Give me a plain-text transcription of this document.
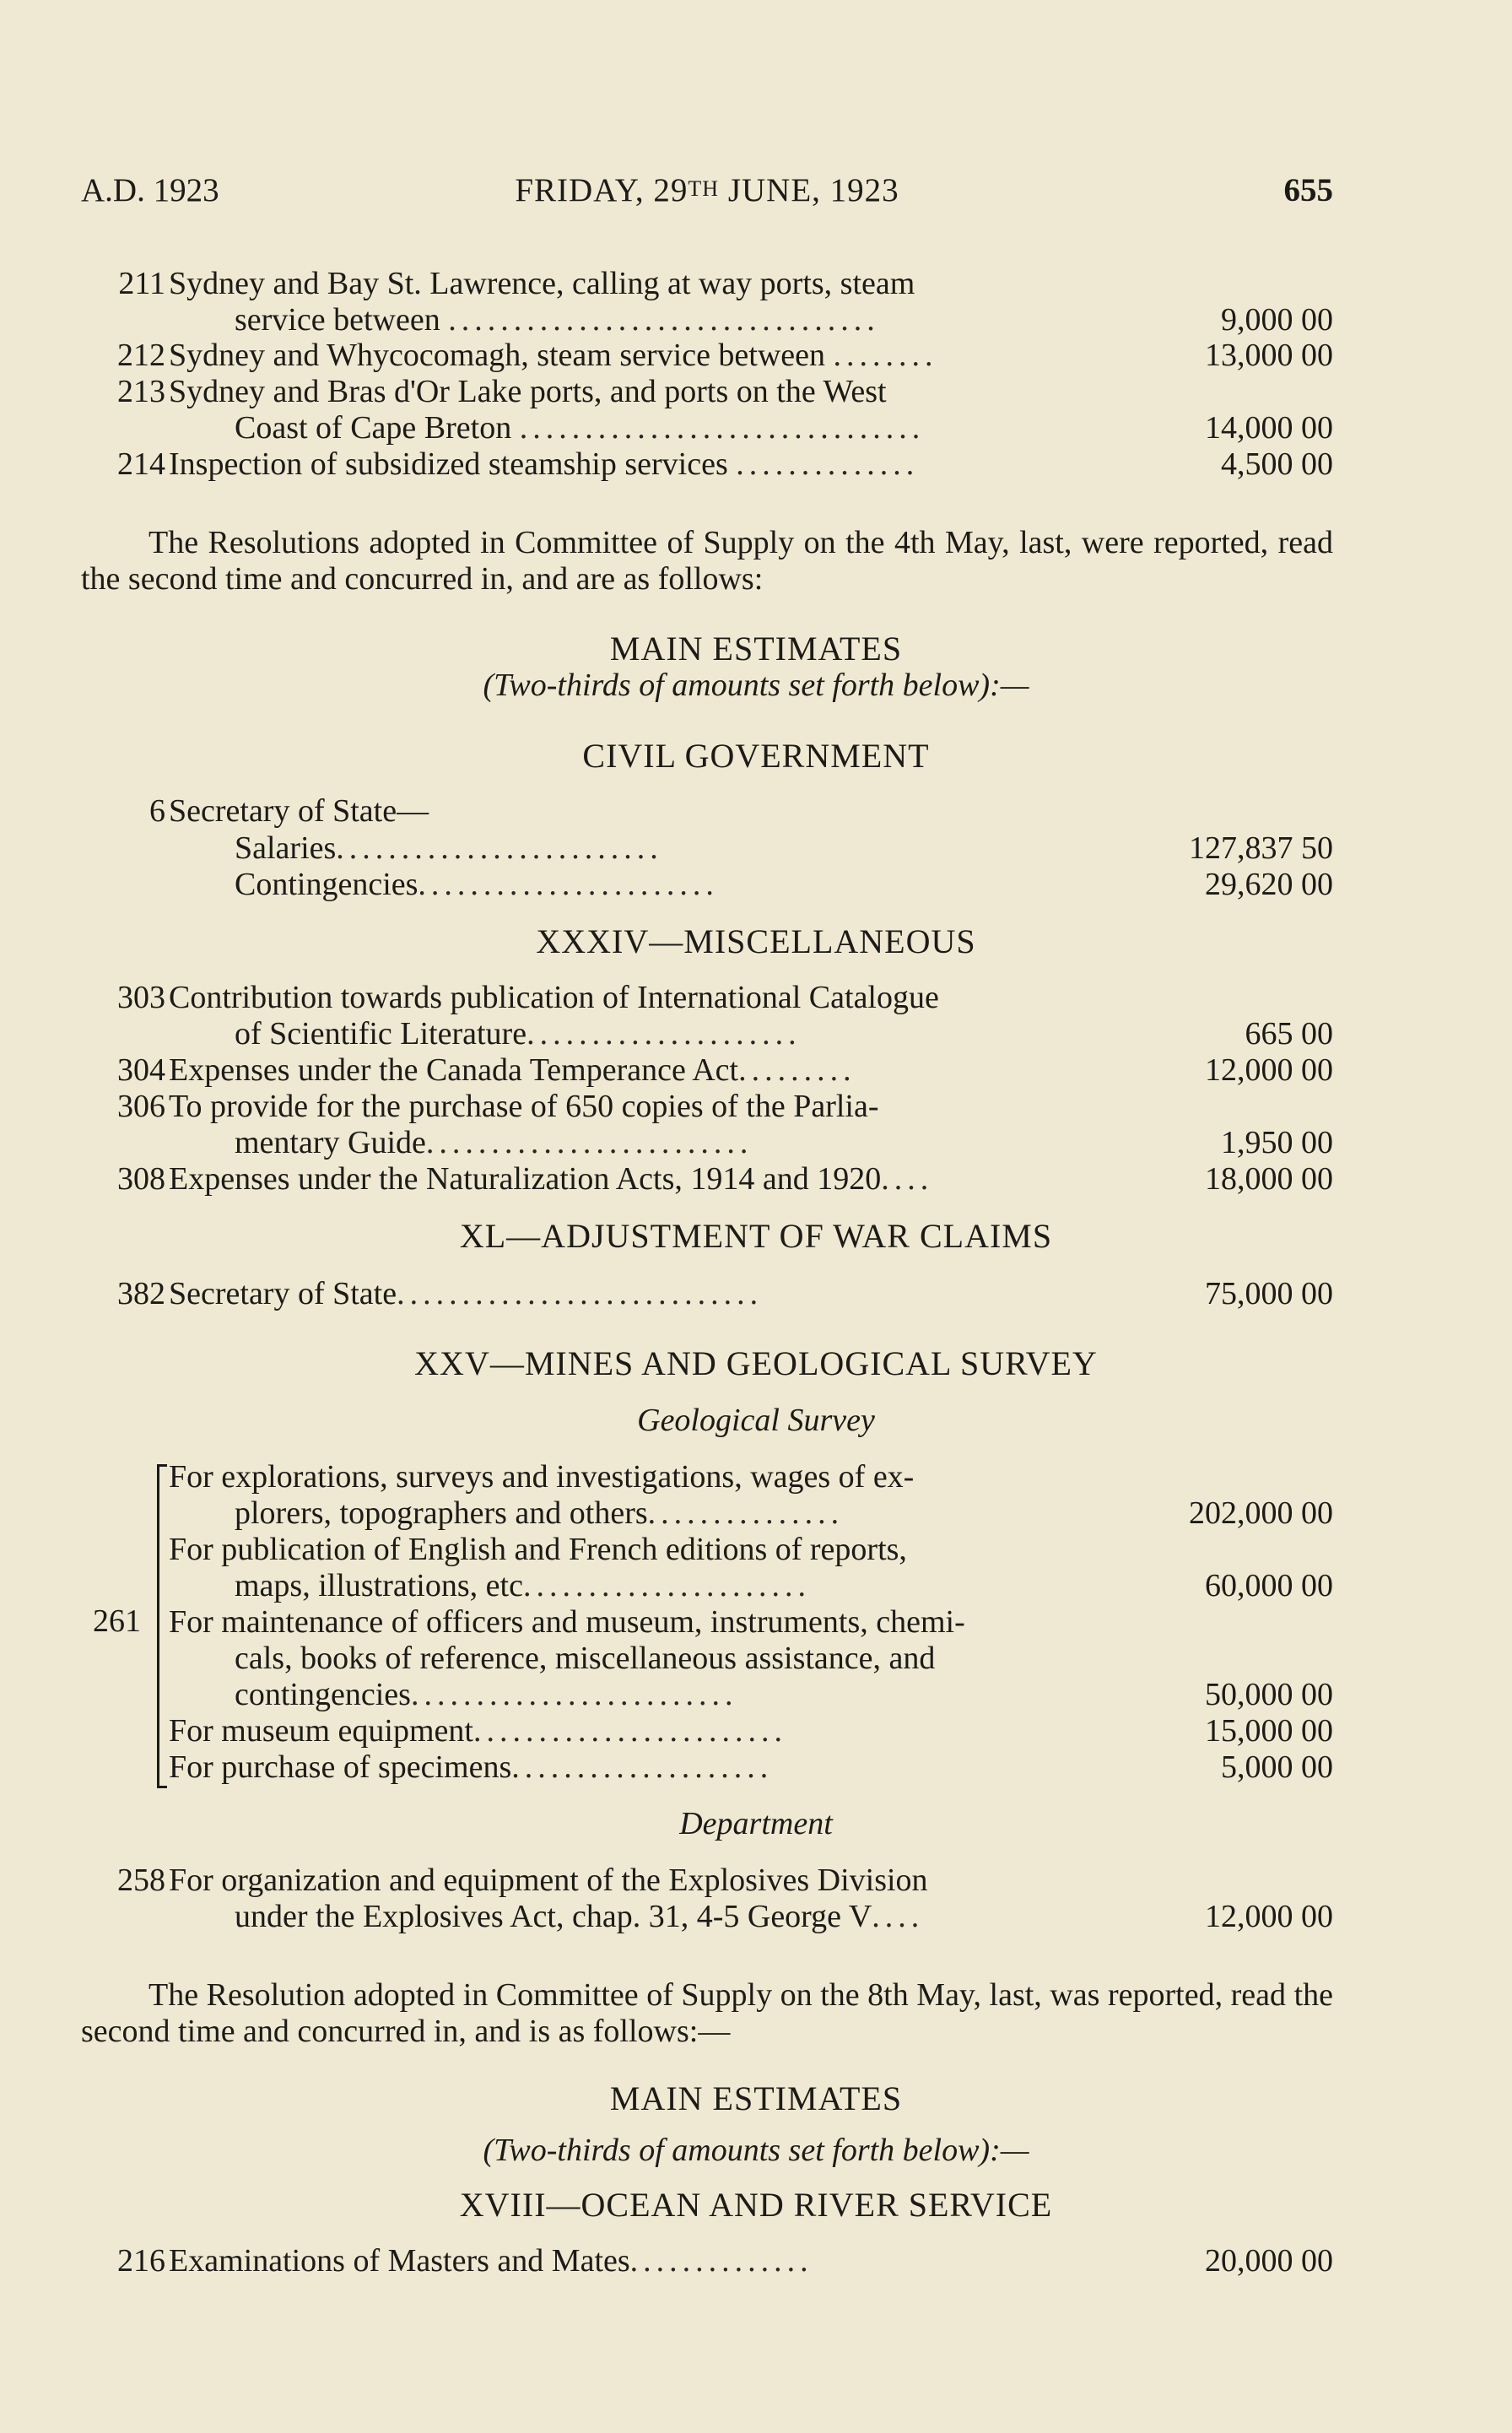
A.D. 1923	FRIDAY, 29TH JUNE, 1923	655
211 Sydney and Bay St. Lawrence, calling at way ports, steam
service between .................................	9,000 00
212 Sydney and Whycocomagh, steam service between ........	13,000 00
213 Sydney and Bras d'Or Lake ports, and ports on the West
Coast of Cape Breton ...............................	14,000 00
214 Inspection of subsidized steamship services ..............	4,500 00
The Resolutions adopted in Committee of Supply on the 4th May, last, were reported, read the second time and concurred in, and are as follows:
MAIN ESTIMATES
(Two-thirds of amounts set forth below):—
CIVIL GOVERNMENT
6 Secretary of State—
Salaries.........................	127,837 50
Contingencies.......................	29,620 00
XXXIV—MISCELLANEOUS
303 Contribution towards publication of International Catalogue
of Scientific Literature.....................	665 00
304 Expenses under the Canada Temperance Act.........	12,000 00
306 To provide for the purchase of 650 copies of the Parlia-
mentary Guide.........................	1,950 00
308 Expenses under the Naturalization Acts, 1914 and 1920....	18,000 00
XL—ADJUSTMENT OF WAR CLAIMS
382 Secretary of State............................	75,000 00
XXV—MINES AND GEOLOGICAL SURVEY
Geological Survey
261
For explorations, surveys and investigations, wages of ex-
plorers, topographers and others...............	202,000 00
For publication of English and French editions of reports,
maps, illustrations, etc......................	60,000 00
For maintenance of officers and museum, instruments, chemi-
cals, books of reference, miscellaneous assistance, and
contingencies.........................	50,000 00
For museum equipment........................	15,000 00
For purchase of specimens....................	5,000 00
Department
258 For organization and equipment of the Explosives Division
under the Explosives Act, chap. 31, 4-5 George V....	12,000 00
The Resolution adopted in Committee of Supply on the 8th May, last, was reported, read the second time and concurred in, and is as follows:—
MAIN ESTIMATES
(Two-thirds of amounts set forth below):—
XVIII—OCEAN AND RIVER SERVICE
216 Examinations of Masters and Mates..............	20,000 00
